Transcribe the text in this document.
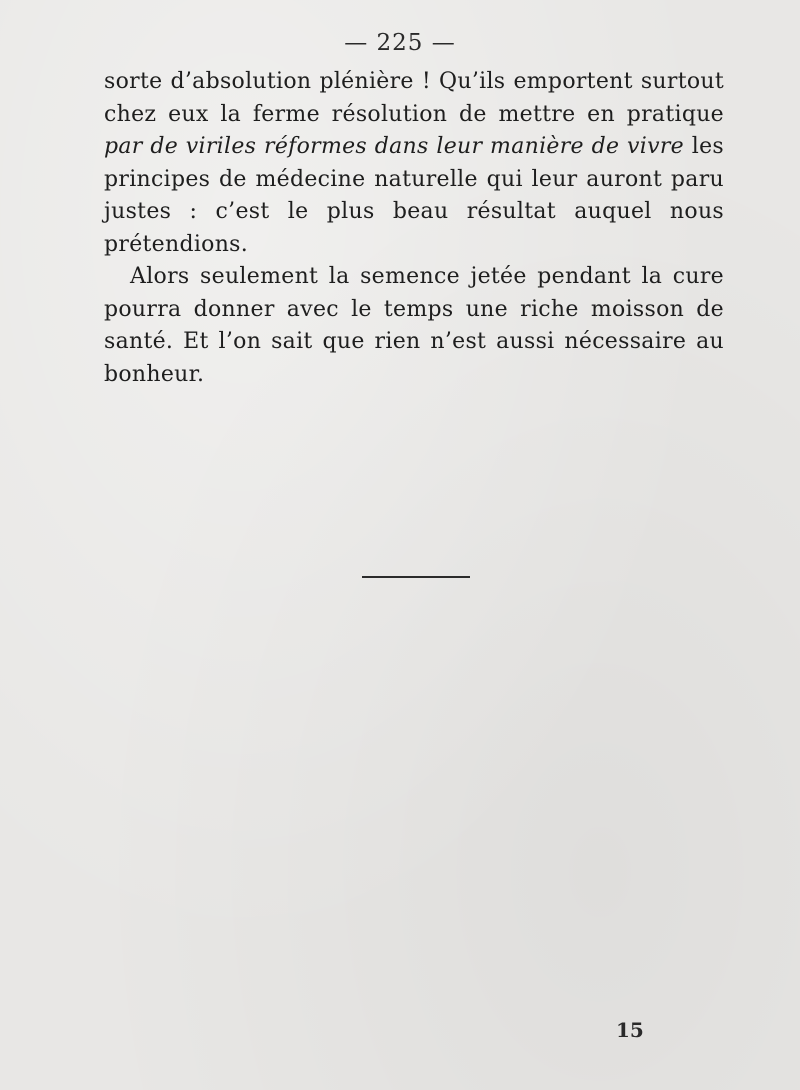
— 225 —

sorte d’absolution plénière ! Qu’ils emportent surtout chez eux la ferme résolution de mettre en pratique par de viriles réformes dans leur manière de vivre les principes de médecine naturelle qui leur auront paru justes : c’est le plus beau résultat auquel nous prétendions.

Alors seulement la semence jetée pendant la cure pourra donner avec le temps une riche moisson de santé. Et l’on sait que rien n’est aussi nécessaire au bonheur.

15
